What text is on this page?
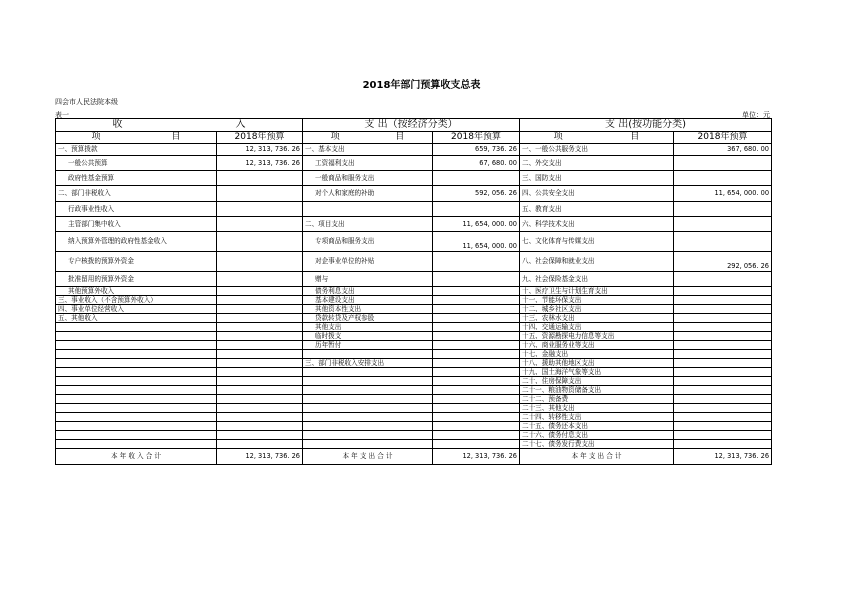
2018年部门预算收支总表
四会市人民法院本级
表一	单位：元
收 入		支 出（按经济分类）		支 出(按功能分类)	

项 目	2018年预算	项 目	2018年预算	项 目	2018年预算
一、预算拨款	12, 313, 736. 26	一、基本支出	659, 736. 26	一、一般公共服务支出	367, 680. 00
一般公共预算	12, 313, 736. 26	工资福利支出	67, 680. 00	二、外交支出	
政府性基金预算		一般商品和服务支出		三、国防支出	
二、部门非税收入		对个人和家庭的补助	592, 056. 26	四、公共安全支出	11, 654, 000. 00
行政事业性收入				五、教育支出	
主管部门集中收入		二、项目支出	11, 654, 000. 00	六、科学技术支出	
纳入预算外管理的政府性基金收入		专项商品和服务支出	11, 654, 000. 00	七、文化体育与传媒支出	
专户核拨的预算外资金		对企事业单位的补贴		八、社会保障和就业支出	292, 056. 26
批准留用的预算外资金		赠与		九、社会保险基金支出	
其他预算外收入		债务利息支出		十、医疗卫生与计划生育支出	
三、事业收入（不含预算外收入）		基本建设支出		十一、节能环保支出	
四、事业单位经营收入		其他资本性支出		十二、城乡社区支出	
五、其他收入		贷款转贷及产权参股		十三、农林水支出	
		其他支出		十四、交通运输支出	
		临时拨支		十五、资源勘探电力信息等支出	
		历年暂付		十六、商业服务业等支出	
				十七、金融支出	
		三、部门非税收入安排支出		十八、援助其他地区支出	
				十九、国土海洋气象等支出	
				二十、住房保障支出	
				二十一、粮油物资储备支出	
				二十二、预备费	
				二十三、其他支出	
				二十四、转移性支出	
				二十五、债务还本支出	
				二十六、债务付息支出	
				二十七、债务发行费支出	
本 年 收 入 合 计	12, 313, 736. 26	本 年 支 出 合 计	12, 313, 736. 26	本 年 支 出 合 计	12, 313, 736. 26
